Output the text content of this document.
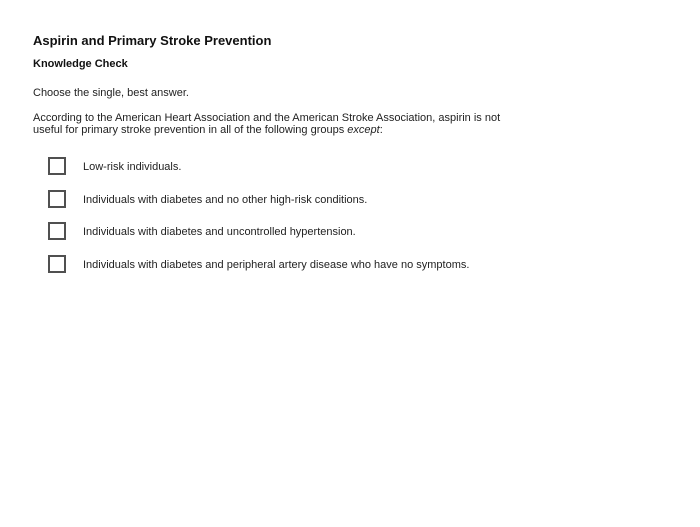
Aspirin and Primary Stroke Prevention
Knowledge Check
Choose the single, best answer.
According to the American Heart Association and the American Stroke Association, aspirin is not useful for primary stroke prevention in all of the following groups except:
Low-risk individuals.
Individuals with diabetes and no other high-risk conditions.
Individuals with diabetes and uncontrolled hypertension.
Individuals with diabetes and peripheral artery disease who have no symptoms.
